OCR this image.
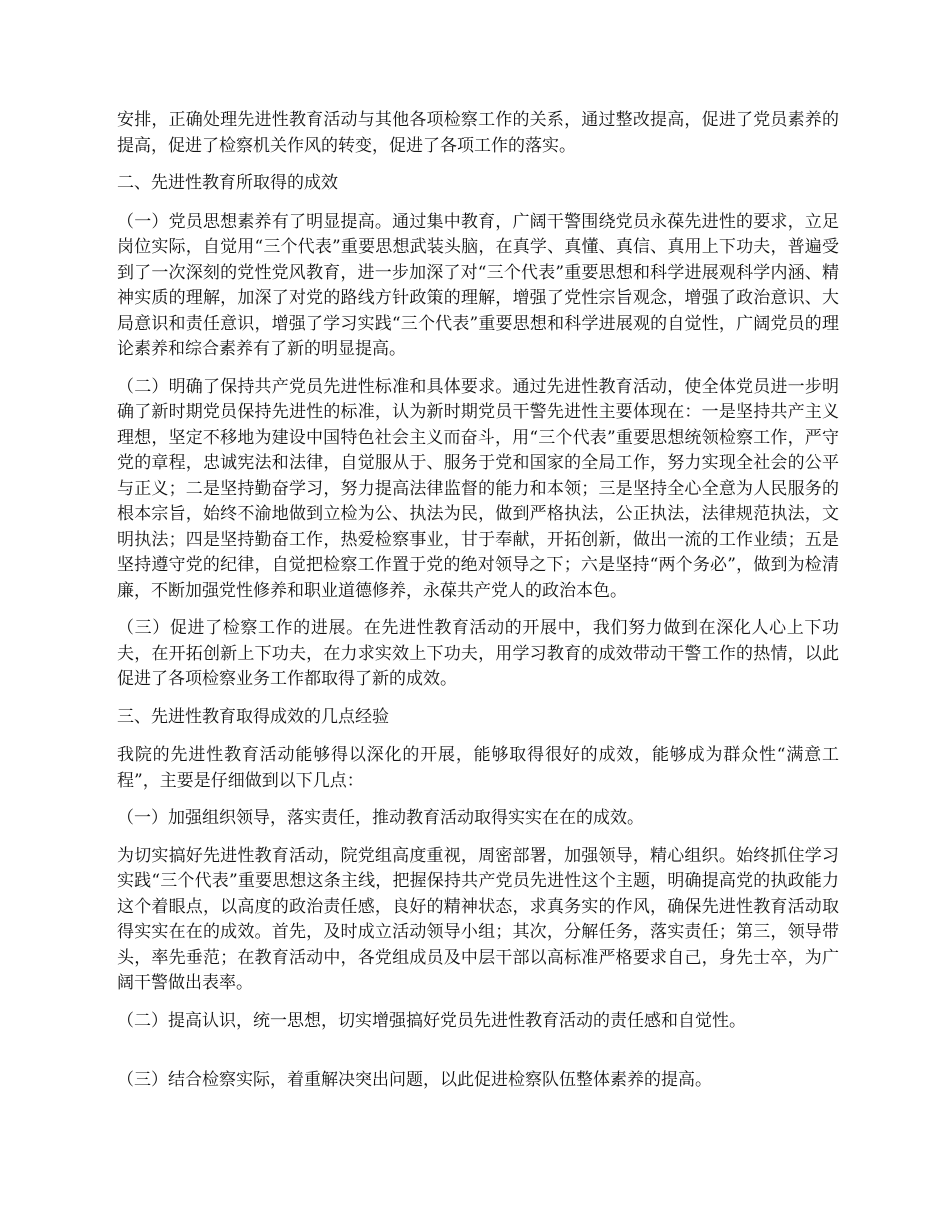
安排，正确处理先进性教育活动与其他各项检察工作的关系，通过整改提高，促进了党员素养的提高，促进了检察机关作风的转变，促进了各项工作的落实。

二、先进性教育所取得的成效

（一）党员思想素养有了明显提高。通过集中教育，广阔干警围绕党员永葆先进性的要求，立足岗位实际，自觉用“三个代表”重要思想武装头脑，在真学、真懂、真信、真用上下功夫，普遍受到了一次深刻的党性党风教育，进一步加深了对“三个代表”重要思想和科学进展观科学内涵、精神实质的理解，加深了对党的路线方针政策的理解，增强了党性宗旨观念，增强了政治意识、大局意识和责任意识，增强了学习实践“三个代表”重要思想和科学进展观的自觉性，广阔党员的理论素养和综合素养有了新的明显提高。

（二）明确了保持共产党员先进性标准和具体要求。通过先进性教育活动，使全体党员进一步明确了新时期党员保持先进性的标准，认为新时期党员干警先进性主要体现在：一是坚持共产主义理想，坚定不移地为建设中国特色社会主义而奋斗，用“三个代表”重要思想统领检察工作，严守党的章程，忠诚宪法和法律，自觉服从于、服务于党和国家的全局工作，努力实现全社会的公平与正义；二是坚持勤奋学习，努力提高法律监督的能力和本领；三是坚持全心全意为人民服务的根本宗旨，始终不渝地做到立检为公、执法为民，做到严格执法，公正执法，法律规范执法，文明执法；四是坚持勤奋工作，热爱检察事业，甘于奉献，开拓创新，做出一流的工作业绩；五是坚持遵守党的纪律，自觉把检察工作置于党的绝对领导之下；六是坚持“两个务必”，做到为检清廉，不断加强党性修养和职业道德修养，永葆共产党人的政治本色。

（三）促进了检察工作的进展。在先进性教育活动的开展中，我们努力做到在深化人心上下功夫，在开拓创新上下功夫，在力求实效上下功夫，用学习教育的成效带动干警工作的热情，以此促进了各项检察业务工作都取得了新的成效。

三、先进性教育取得成效的几点经验

我院的先进性教育活动能够得以深化的开展，能够取得很好的成效，能够成为群众性“满意工程”，主要是仔细做到以下几点：

（一）加强组织领导，落实责任，推动教育活动取得实实在在的成效。

为切实搞好先进性教育活动，院党组高度重视，周密部署，加强领导，精心组织。始终抓住学习实践“三个代表”重要思想这条主线，把握保持共产党员先进性这个主题，明确提高党的执政能力这个着眼点，以高度的政治责任感，良好的精神状态，求真务实的作风，确保先进性教育活动取得实实在在的成效。首先，及时成立活动领导小组；其次，分解任务，落实责任；第三，领导带头，率先垂范；在教育活动中，各党组成员及中层干部以高标准严格要求自己，身先士卒，为广阔干警做出表率。

（二）提高认识，统一思想，切实增强搞好党员先进性教育活动的责任感和自觉性。

（三）结合检察实际，着重解决突出问题，以此促进检察队伍整体素养的提高。
